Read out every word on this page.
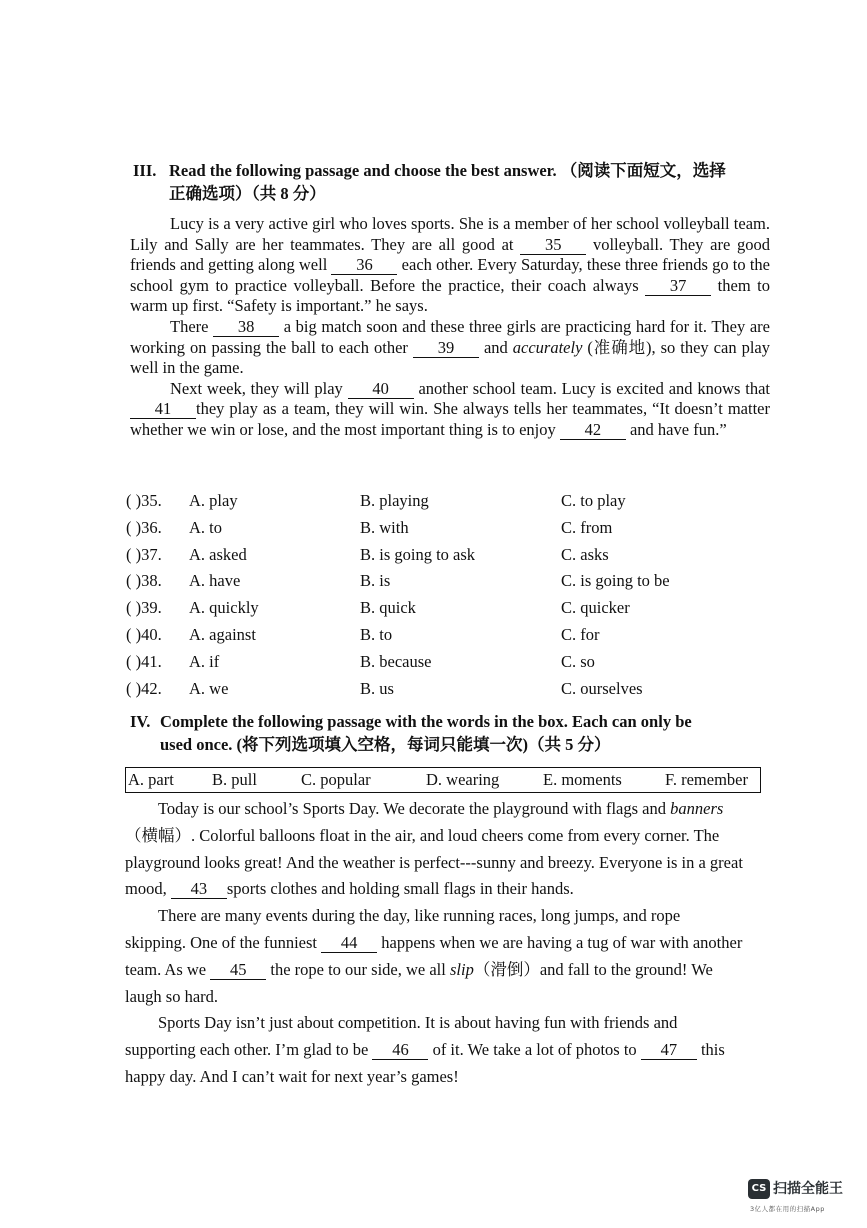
III. Read the following passage and choose the best answer. （阅读下面短文，选择
正确选项）（共 8 分）

Lucy is a very active girl who loves sports. She is a member of her school volleyball team. Lily and Sally are her teammates. They are all good at 35 volleyball. They are good friends and getting along well 36 each other. Every Saturday, these three friends go to the school gym to practice volleyball. Before the practice, their coach always 37 them to warm up first. “Safety is important.” he says.

There 38 a big match soon and these three girls are practicing hard for it. They are working on passing the ball to each other 39 and accurately (准确地), so they can play well in the game.

Next week, they will play 40 another school team. Lucy is excited and knows that41 they play as a team, they will win. She always tells her teammates, “It doesn’t matter whether we win or lose, and the most important thing is to enjoy 42 and have fun.”

( )35. A. play	B. playing	C. to play
( )36. A. to	B. with	C. from
( )37. A. asked	B. is going to ask	C. asks
( )38. A. have	B. is	C. is going to be
( )39. A. quickly	B. quick	C. quicker
( )40. A. against	B. to	C. for
( )41. A. if	B. because	C. so
( )42. A. we	B. us	C. ourselves
IV. Complete the following passage with the words in the box. Each can only be
used once. (将下列选项填入空格，每词只能填一次)（共 5 分）
A. part B. pull	C. popular	D. wearing	E. moments	F. remember

Today is our school’s Sports Day. We decorate the playground with flags and banners（横幅）. Colorful balloons float in the air, and loud cheers come from every corner. The playground looks great! And the weather is perfect---sunny and breezy. Everyone is in a great mood, 43 sports clothes and holding small flags in their hands.

There are many events during the day, like running races, long jumps, and rope skipping. One of the funniest 44 happens when we are having a tug of war with another team. As we 45 the rope to our side, we all slip（滑倒）and fall to the ground! We laugh so hard.

Sports Day isn’t just about competition. It is about having fun with friends and supporting each other. I’m glad to be 46 of it. We take a lot of photos to 47 this happy day. And I can’t wait for next year’s games!

CS 扫描全能王
3亿人都在用的扫描App
